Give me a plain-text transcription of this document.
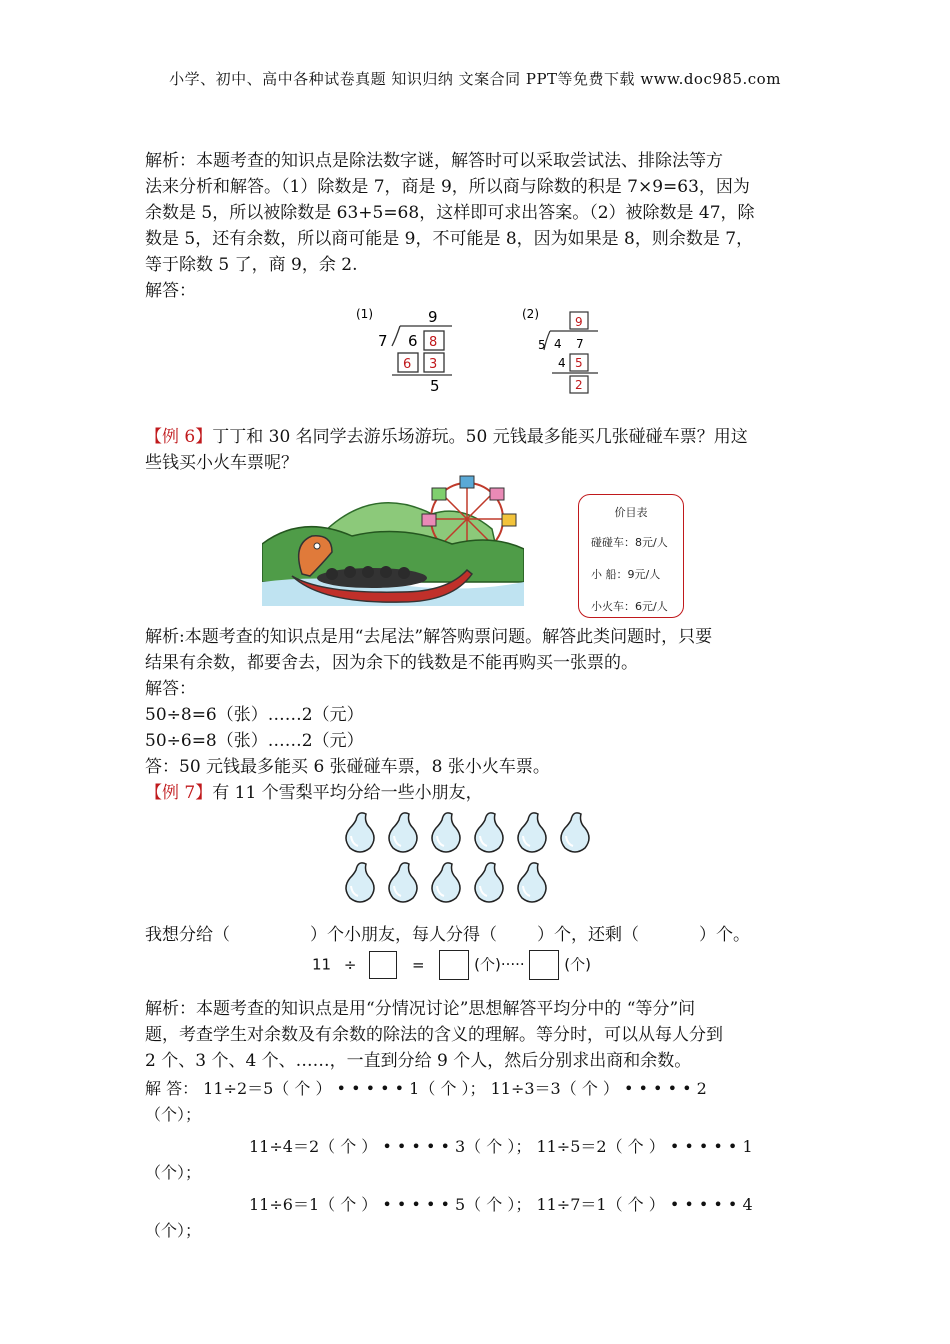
小学、初中、高中各种试卷真题 知识归纳 文案合同 PPT等免费下载 www.doc985.com
解析：本题考查的知识点是除法数字谜，解答时可以采取尝试法、排除法等方
法来分析和解答。（1）除数是 7，商是 9，所以商与除数的积是 7×9=63，因为
余数是 5，所以被除数是 63+5=68，这样即可求出答案。（2）被除数是 47，除
数是 5，还有余数，所以商可能是 9，不可能是 8，因为如果是 8，则余数是 7，
等于除数 5 了，商 9，余 2.
解答：
(1)	9
7 6 8
6 3
5
(2)
9
5 4 7
4 5
2
【例 6】丁丁和 30 名同学去游乐场游玩。50 元钱最多能买几张碰碰车票？用这
些钱买小火车票呢？
价目表
碰碰车：8元/人
小 船：9元/人
小火车：6元/人
解析:本题考查的知识点是用“去尾法”解答购票问题。解答此类问题时，只要
结果有余数，都要舍去，因为余下的钱数是不能再购买一张票的。
解答：
50÷8=6（张）……2（元）
50÷6=8（张）……2（元）
答：50 元钱最多能买 6 张碰碰车票，8 张小火车票。
【例 7】有 11 个雪梨平均分给一些小朋友，
我想分给（	）个小朋友，每人分得（ ）个，还剩（	）个。
11 ÷	=	(个)·····	(个)
解析：本题考查的知识点是用“分情况讨论”思想解答平均分中的 “等分”问
题，考查学生对余数及有余数的除法的含义的理解。等分时，可以从每人分到
2 个、3 个、4 个、……，一直到分给 9 个人，然后分别求出商和余数。
解 答： 11÷2＝5（ 个 ） • • • • • 1（ 个 ）； 11÷3＝3（ 个 ） • • • • • 2
（个）；
11÷4＝2（ 个 ） • • • • • 3（ 个 ）； 11÷5＝2（ 个 ） • • • • • 1
（个）；
11÷6＝1（ 个 ） • • • • • 5（ 个 ）； 11÷7＝1（ 个 ） • • • • • 4
（个）；
